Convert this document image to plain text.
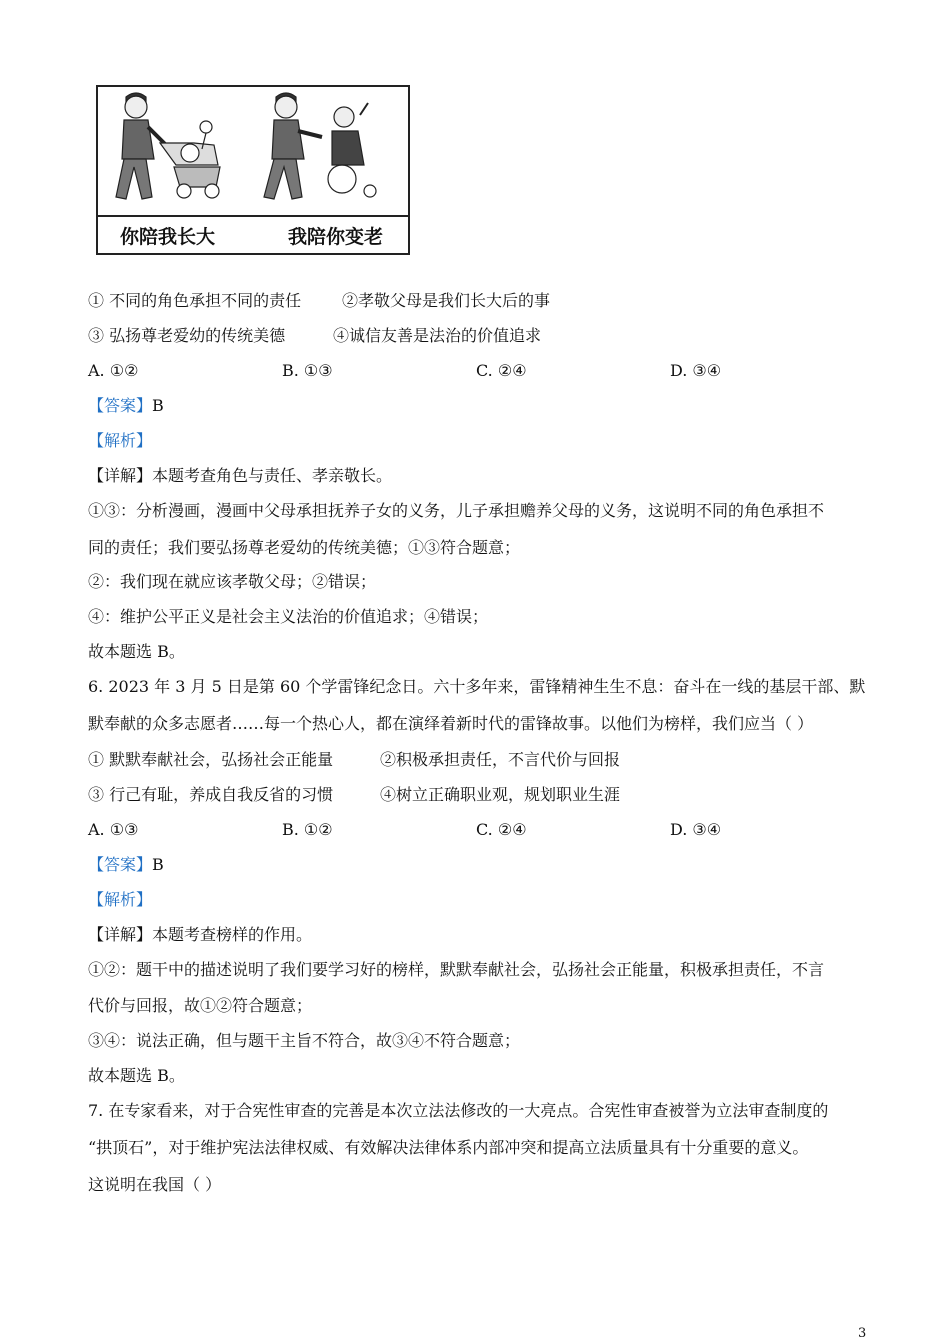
你陪我长大	我陪你变老
① 不同的角色承担不同的责任	②孝敬父母是我们长大后的事
③ 弘扬尊老爱幼的传统美德	④诚信友善是法治的价值追求
A. ①②	B. ①③	C. ②④	D. ③④
【答案】B
【解析】
【详解】本题考查角色与责任、孝亲敬长。
①③：分析漫画，漫画中父母承担抚养子女的义务，儿子承担赡养父母的义务，这说明不同的角色承担不
同的责任；我们要弘扬尊老爱幼的传统美德；①③符合题意；
②：我们现在就应该孝敬父母；②错误；
④：维护公平正义是社会主义法治的价值追求；④错误；
故本题选 B。
6. 2023 年 3 月 5 日是第 60 个学雷锋纪念日。六十多年来，雷锋精神生生不息：奋斗在一线的基层干部、默
默奉献的众多志愿者……每一个热心人，都在演绎着新时代的雷锋故事。以他们为榜样，我们应当（ ）
① 默默奉献社会，弘扬社会正能量	②积极承担责任，不言代价与回报
③ 行己有耻，养成自我反省的习惯	④树立正确职业观，规划职业生涯
A. ①③	B. ①②	C. ②④	D. ③④
【答案】B
【解析】
【详解】本题考查榜样的作用。
①②：题干中的描述说明了我们要学习好的榜样，默默奉献社会，弘扬社会正能量，积极承担责任，不言
代价与回报，故①②符合题意；
③④：说法正确，但与题干主旨不符合，故③④不符合题意；
故本题选 B。
7. 在专家看来，对于合宪性审查的完善是本次立法法修改的一大亮点。合宪性审查被誉为立法审查制度的
“拱顶石”，对于维护宪法法律权威、有效解决法律体系内部冲突和提高立法质量具有十分重要的意义。
这说明在我国（ ）
3
